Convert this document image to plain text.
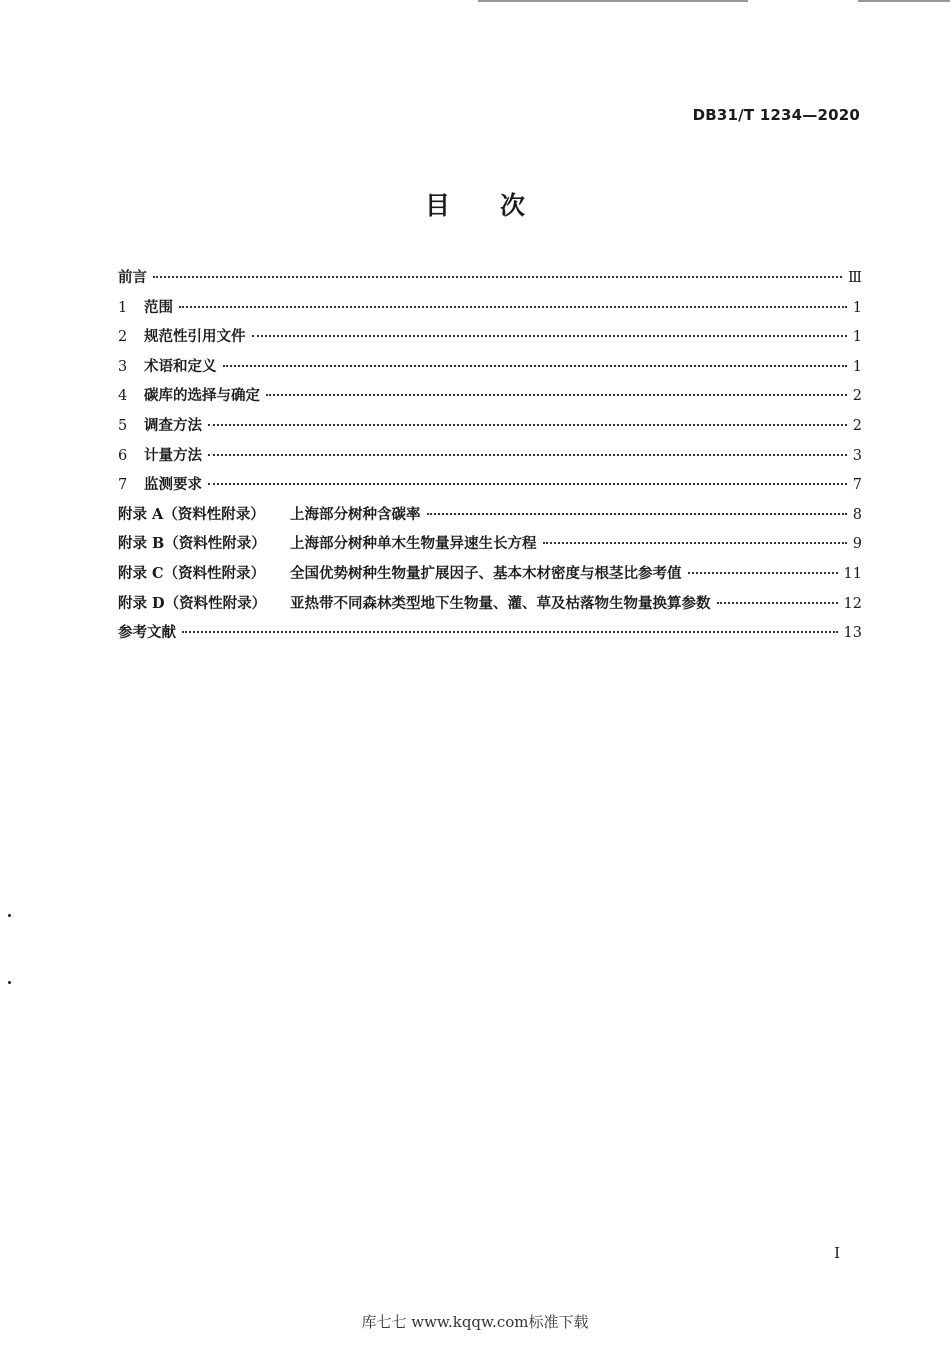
DB31/T 1234—2020
目次
前言	Ⅲ
1	范围	1
2	规范性引用文件	1
3	术语和定义	1
4	碳库的选择与确定	2
5	调查方法	2
6	计量方法	3
7	监测要求	7
附录 A（资料性附录） 上海部分树种含碳率	8
附录 B（资料性附录） 上海部分树种单木生物量异速生长方程	9
附录 C（资料性附录） 全国优势树种生物量扩展因子、基本木材密度与根茎比参考值	11
附录 D（资料性附录） 亚热带不同森林类型地下生物量、灌、草及枯落物生物量换算参数	12
参考文献	13
I
库七七 www.kqqw.com标准下载
